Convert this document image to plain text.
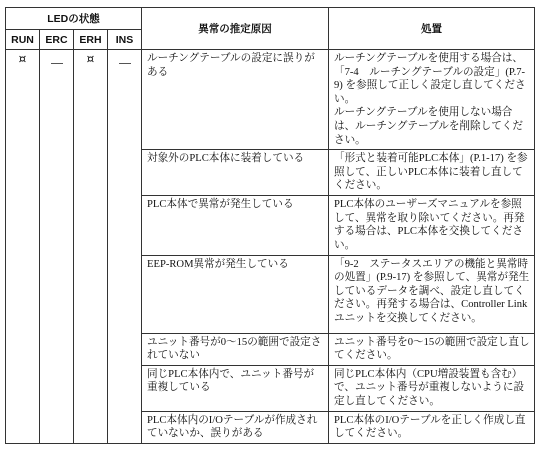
LEDの状態				異常の推定原因	処置
RUN	ERC	ERH	INS		
¤		¤		ルーチングテーブルの設定に誤りがある	ルーチングテーブルを使用する場合は、「7-4　ルーチングテーブルの設定」(P.7-9) を参照して正しく設定し直してください。

ルーチングテーブルを使用しない場合は、ルーチングテーブルを削除してください。

				対象外のPLC本体に装着している	「形式と装着可能PLC本体」(P.1-17) を参照して、正しいPLC本体に装着し直してください。
				PLC本体で異常が発生している	PLC本体のユーザーズマニュアルを参照して、異常を取り除いてください。再発する場合は、PLC本体を交換してください。
				EEP-ROM異常が発生している	「9-2　ステータスエリアの機能と異常時の処置」(P.9-17) を参照して、異常が発生しているデータを調べ、設定し直してください。再発する場合は、Controller Linkユニットを交換してください。
				ユニット番号が0～15の範囲で設定されていない	ユニット番号を0～15の範囲で設定し直してください。
				同じPLC本体内で、ユニット番号が重複している	同じPLC本体内（CPU増設装置も含む）で、ユニット番号が重複しないように設定し直してください。
				PLC本体内のI/Oテーブルが作成されていないか、誤りがある	PLC本体のI/Oテーブルを正しく作成し直してください。
